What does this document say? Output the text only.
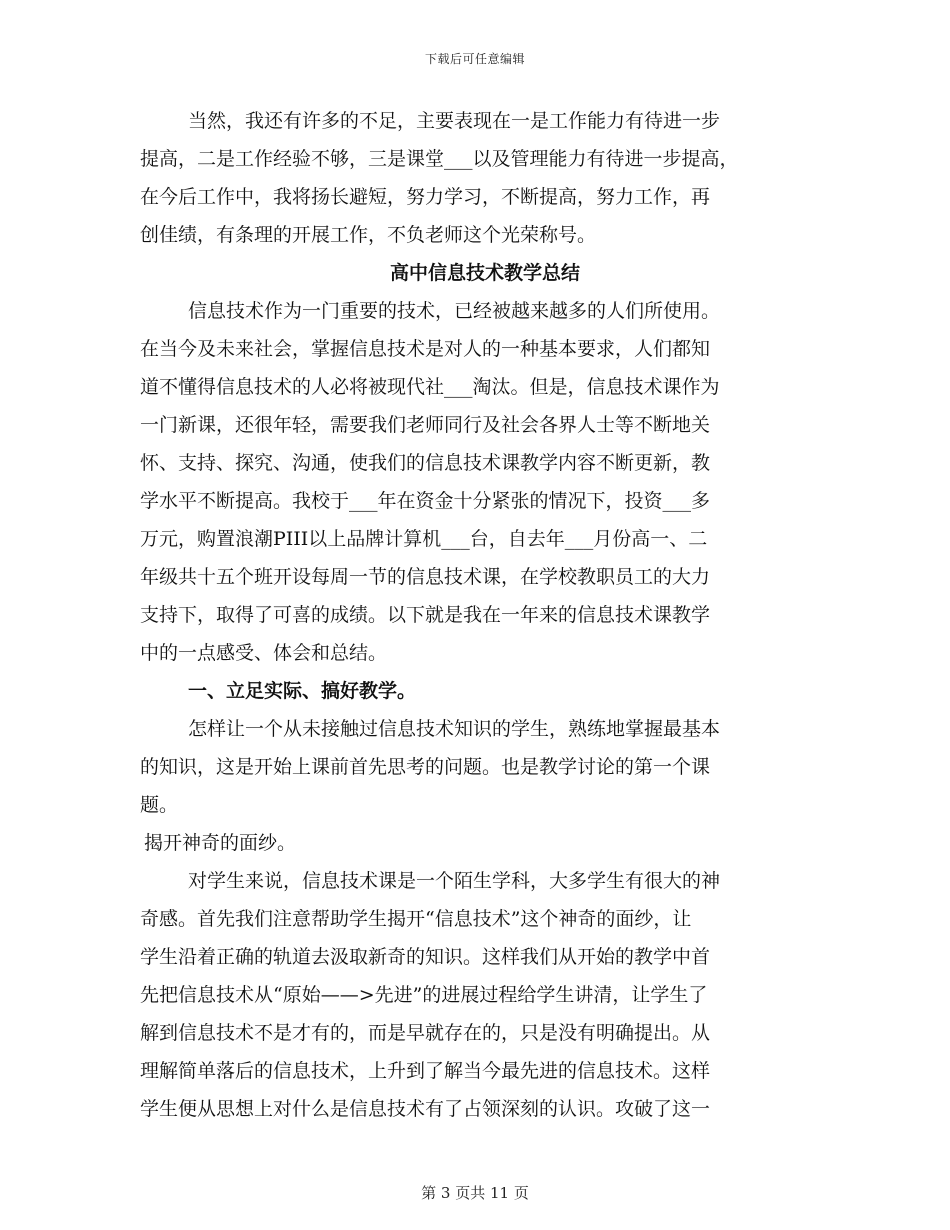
下载后可任意编辑
当然，我还有许多的不足，主要表现在一是工作能力有待进一步
提高，二是工作经验不够，三是课堂___以及管理能力有待进一步提高，
在今后工作中，我将扬长避短，努力学习，不断提高，努力工作，再
创佳绩，有条理的开展工作，不负老师这个光荣称号。
高中信息技术教学总结
信息技术作为一门重要的技术，已经被越来越多的人们所使用。
在当今及未来社会，掌握信息技术是对人的一种基本要求，人们都知
道不懂得信息技术的人必将被现代社___淘汰。但是，信息技术课作为
一门新课，还很年轻，需要我们老师同行及社会各界人士等不断地关
怀、支持、探究、沟通，使我们的信息技术课教学内容不断更新，教
学水平不断提高。我校于___年在资金十分紧张的情况下，投资___多
万元，购置浪潮PIII以上品牌计算机___台，自去年___月份高一、二
年级共十五个班开设每周一节的信息技术课，在学校教职员工的大力
支持下，取得了可喜的成绩。以下就是我在一年来的信息技术课教学
中的一点感受、体会和总结。
一、立足实际、搞好教学。
怎样让一个从未接触过信息技术知识的学生，熟练地掌握最基本
的知识，这是开始上课前首先思考的问题。也是教学讨论的第一个课
题。
揭开神奇的面纱。
对学生来说，信息技术课是一个陌生学科，大多学生有很大的神
奇感。首先我们注意帮助学生揭开“信息技术”这个神奇的面纱，让
学生沿着正确的轨道去汲取新奇的知识。这样我们从开始的教学中首
先把信息技术从“原始——>先进”的进展过程给学生讲清，让学生了
解到信息技术不是才有的，而是早就存在的，只是没有明确提出。从
理解简单落后的信息技术，上升到了解当今最先进的信息技术。这样
学生便从思想上对什么是信息技术有了占领深刻的认识。攻破了这一
第 3 页共 11 页
